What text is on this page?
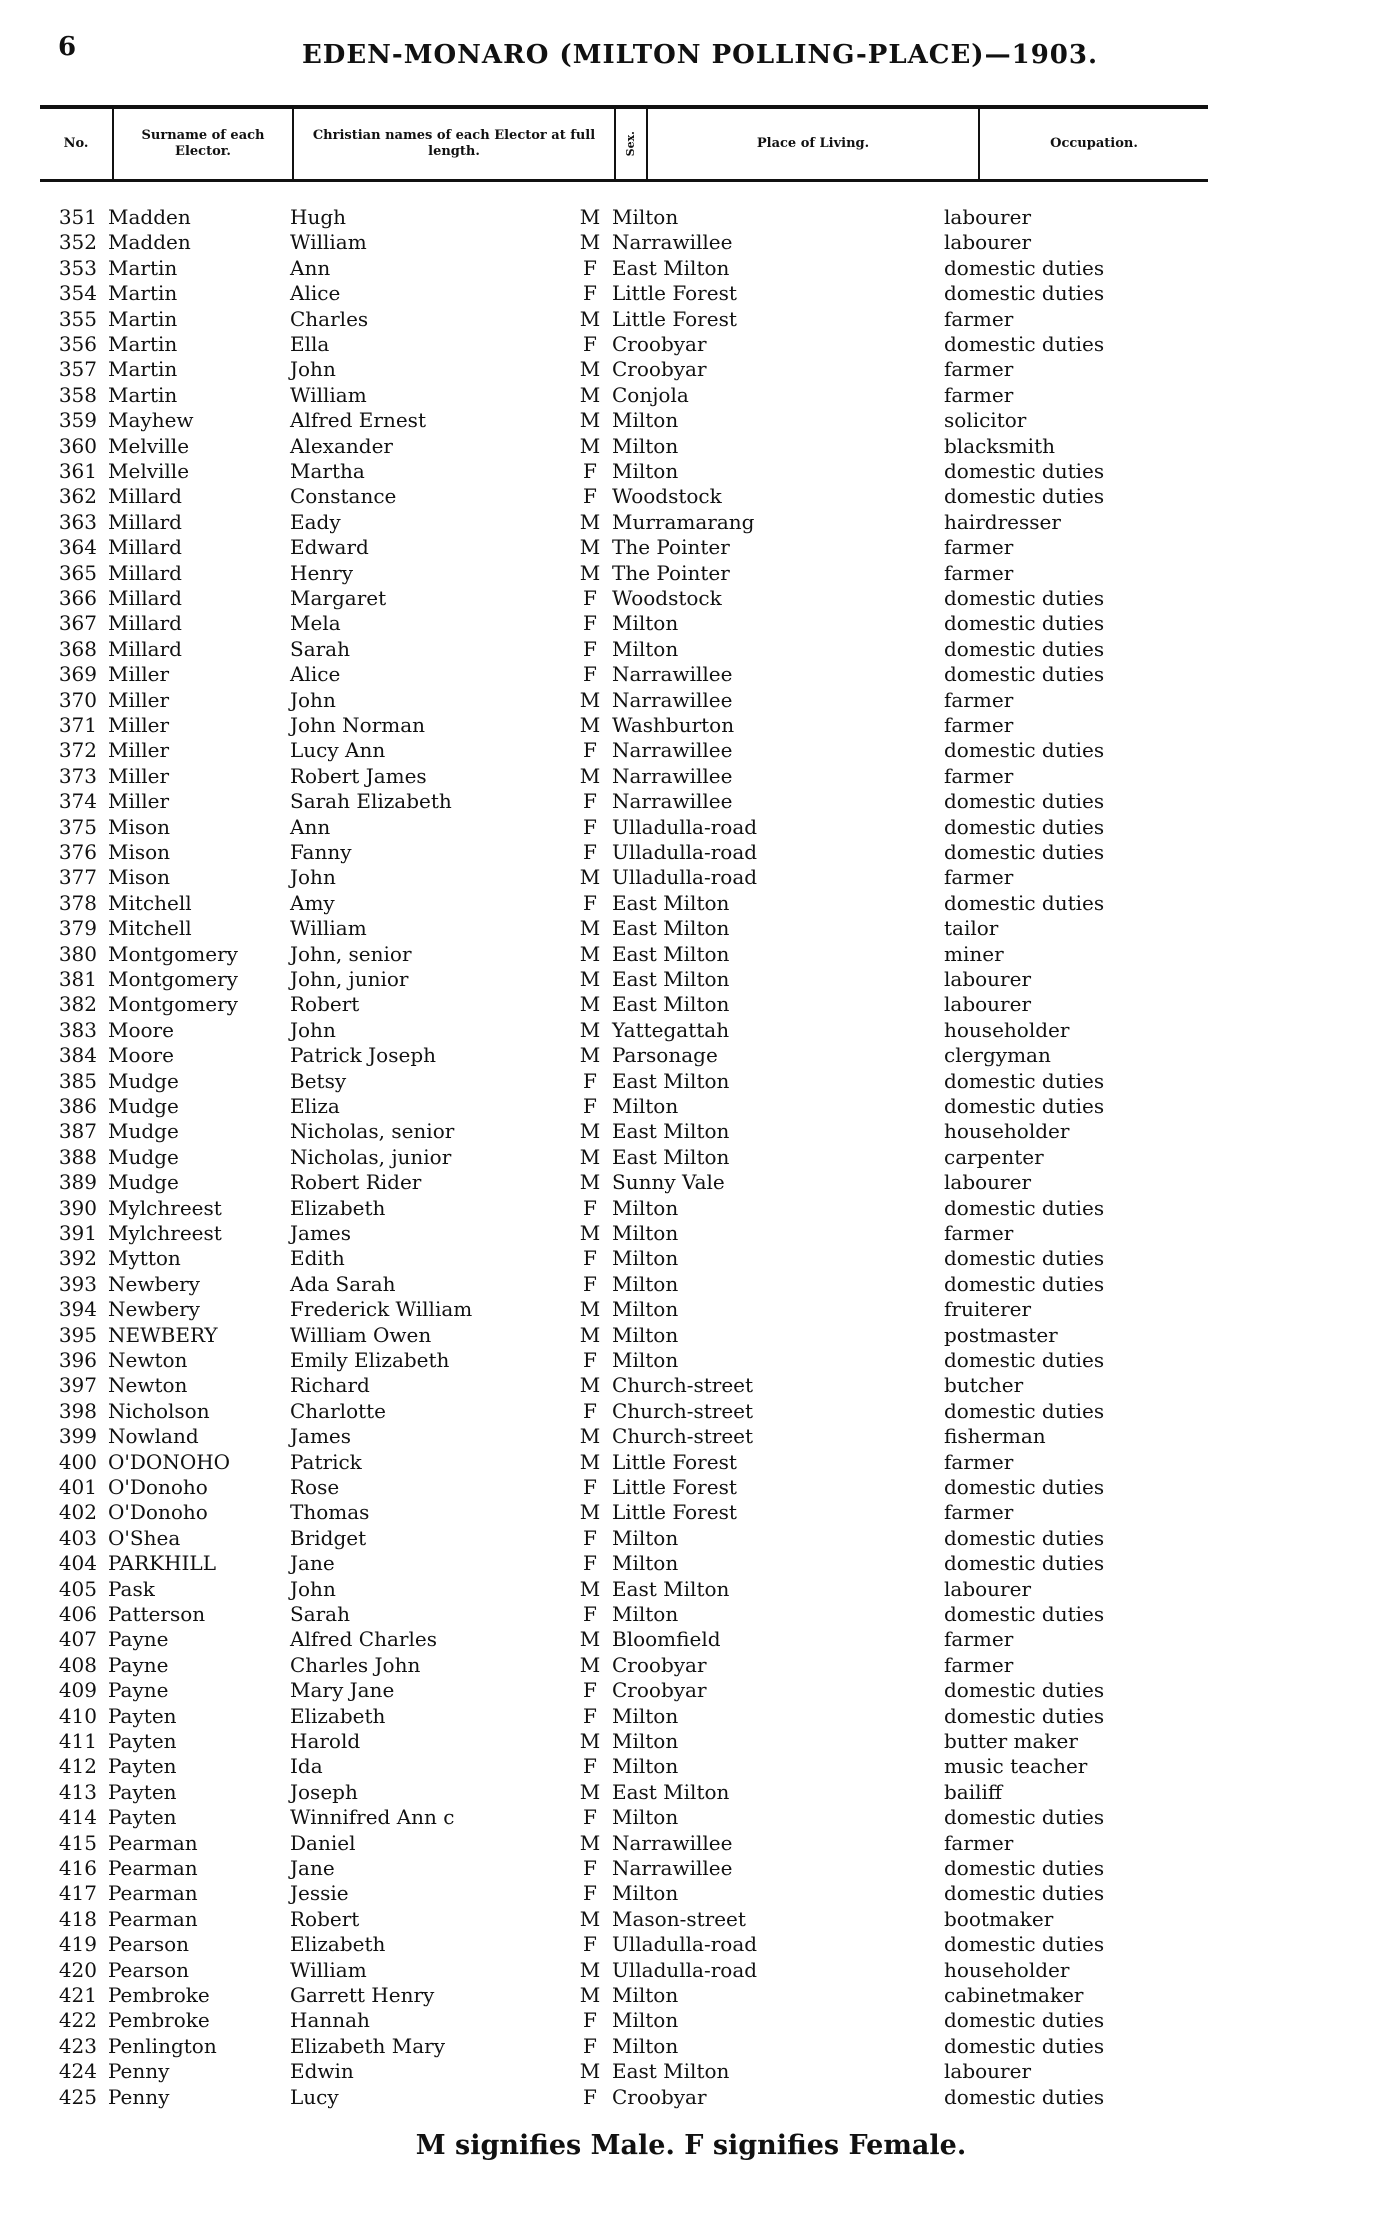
6	EDEN-MONARO (MILTON POLLING-PLACE)—1903.
No.
Surname of each Elector.
Christian names of each Elector at full length.	Sex.	Place of Living.	Occupation.
351 Madden	Hugh	M Milton	labourer
352 Madden	William	M Narrawillee	labourer
353 Martin	Ann	F East Milton	domestic duties
354 Martin	Alice	F Little Forest	domestic duties
355 Martin	Charles	M Little Forest	farmer
356 Martin	Ella	F Croobyar	domestic duties
357 Martin	John	M Croobyar	farmer
358 Martin	William	M Conjola	farmer
359 Mayhew	Alfred Ernest	M Milton	solicitor
360 Melville	Alexander	M Milton	blacksmith
361 Melville	Martha	F Milton	domestic duties
362 Millard	Constance	F Woodstock	domestic duties
363 Millard	Eady	M Murramarang	hairdresser
364 Millard	Edward	M The Pointer	farmer
365 Millard	Henry	M The Pointer	farmer
366 Millard	Margaret	F Woodstock	domestic duties
367 Millard	Mela	F Milton	domestic duties
368 Millard	Sarah	F Milton	domestic duties
369 Miller	Alice	F Narrawillee	domestic duties
370 Miller	John	M Narrawillee	farmer
371 Miller	John Norman	M Washburton	farmer
372 Miller	Lucy Ann	F Narrawillee	domestic duties
373 Miller	Robert James	M Narrawillee	farmer
374 Miller	Sarah Elizabeth	F Narrawillee	domestic duties
375 Mison	Ann	F Ulladulla-road	domestic duties
376 Mison	Fanny	F Ulladulla-road	domestic duties
377 Mison	John	M Ulladulla-road	farmer
378 Mitchell	Amy	F East Milton	domestic duties
379 Mitchell	William	M East Milton	tailor
380 Montgomery	John, senior	M East Milton	miner
381 Montgomery	John, junior	M East Milton	labourer
382 Montgomery	Robert	M East Milton	labourer
383 Moore	John	M Yattegattah	householder
384 Moore	Patrick Joseph	M Parsonage	clergyman
385 Mudge	Betsy	F East Milton	domestic duties
386 Mudge	Eliza	F Milton	domestic duties
387 Mudge	Nicholas, senior	M East Milton	householder
388 Mudge	Nicholas, junior	M East Milton	carpenter
389 Mudge	Robert Rider	M Sunny Vale	labourer
390 Mylchreest	Elizabeth	F Milton	domestic duties
391 Mylchreest	James	M Milton	farmer
392 Mytton	Edith	F Milton	domestic duties
393 Newbery	Ada Sarah	F Milton	domestic duties
394 Newbery	Frederick William	M Milton	fruiterer
395 NEWBERY	William Owen	M Milton	postmaster
396 Newton	Emily Elizabeth	F Milton	domestic duties
397 Newton	Richard	M Church-street	butcher
398 Nicholson	Charlotte	F Church-street	domestic duties
399 Nowland	James	M Church-street	fisherman
400 O'DONOHO	Patrick	M Little Forest	farmer
401 O'Donoho	Rose	F Little Forest	domestic duties
402 O'Donoho	Thomas	M Little Forest	farmer
403 O'Shea	Bridget	F Milton	domestic duties
404 PARKHILL	Jane	F Milton	domestic duties
405 Pask	John	M East Milton	labourer
406 Patterson	Sarah	F Milton	domestic duties
407 Payne	Alfred Charles	M Bloomfield	farmer
408 Payne	Charles John	M Croobyar	farmer
409 Payne	Mary Jane	F Croobyar	domestic duties
410 Payten	Elizabeth	F Milton	domestic duties
411 Payten	Harold	M Milton	butter maker
412 Payten	Ida	F Milton	music teacher
413 Payten	Joseph	M East Milton	bailiff
414 Payten	Winnifred Ann c	F Milton	domestic duties
415 Pearman	Daniel	M Narrawillee	farmer
416 Pearman	Jane	F Narrawillee	domestic duties
417 Pearman	Jessie	F Milton	domestic duties
418 Pearman	Robert	M Mason-street	bootmaker
419 Pearson	Elizabeth	F Ulladulla-road	domestic duties
420 Pearson	William	M Ulladulla-road	householder
421 Pembroke	Garrett Henry	M Milton	cabinetmaker
422 Pembroke	Hannah	F Milton	domestic duties
423 Penlington	Elizabeth Mary	F Milton	domestic duties
424 Penny	Edwin	M East Milton	labourer
425 Penny	Lucy	F Croobyar	domestic duties
M signifies Male. F signifies Female.
